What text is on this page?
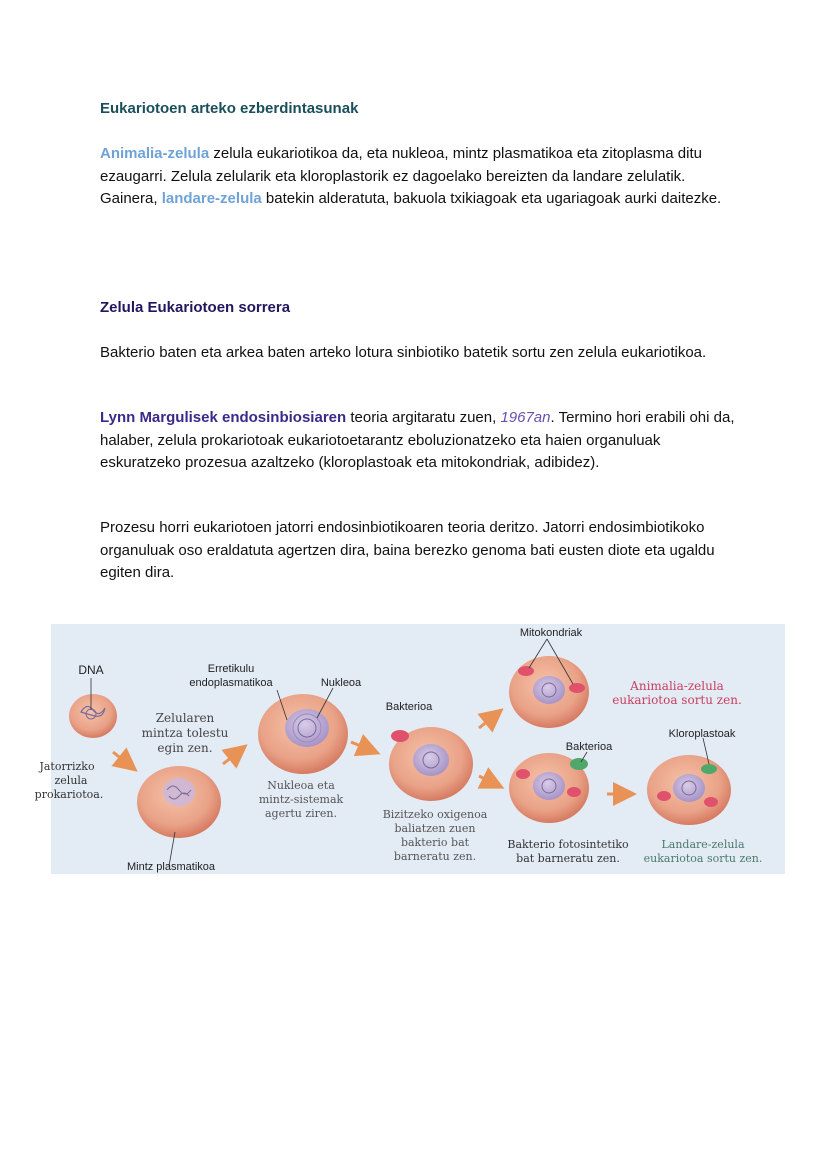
Eukariotoen arteko ezberdintasunak

Animalia-zelula zelula eukariotikoa da, eta nukleoa, mintz plasmatikoa eta zitoplasma ditu ezaugarri. Zelula zelularik eta kloroplastorik ez dagoelako bereizten da landare zelulatik. Gainera, landare-zelula batekin alderatuta, bakuola txikiagoak eta ugariagoak aurki daitezke.

Zelula Eukariotoen sorrera

Bakterio baten eta arkea baten arteko lotura sinbiotiko batetik sortu zen zelula eukariotikoa.

Lynn Margulisek endosinbiosiaren teoria argitaratu zuen, 1967an. Termino hori erabili ohi da, halaber, zelula prokariotoak eukariotoetarantz eboluzionatzeko eta haien organuluak eskuratzeko prozesua azaltzeko (kloroplastoak eta mitokondriak, adibidez).

Prozesu horri eukariotoen jatorri endosinbiotikoaren teoria deritzo. Jatorri endosimbiotikoko organuluak oso eraldatuta agertzen dira, baina berezko genoma bati eusten diote eta ugaldu egiten dira.

DNA
Jatorrizko
zelula
prokariotoa.
Mintz plasmatikoa
Zelularen
mintza tolestu
egin zen.
Erretikulu
endoplasmatikoa	Nukleoa
Nukleoa eta
mintz-sistemak
agertu ziren.
Bakterioa
Bizitzeko oxigenoa
baliatzen zuen
bakterio bat
barneratu zen.
Mitokondriak
Animalia-zelula
eukariotoa sortu zen.
Bakterioa
Kloroplastoak
Bakterio fotosintetiko
bat barneratu zen.
Landare-zelula
eukariotoa sortu zen.
